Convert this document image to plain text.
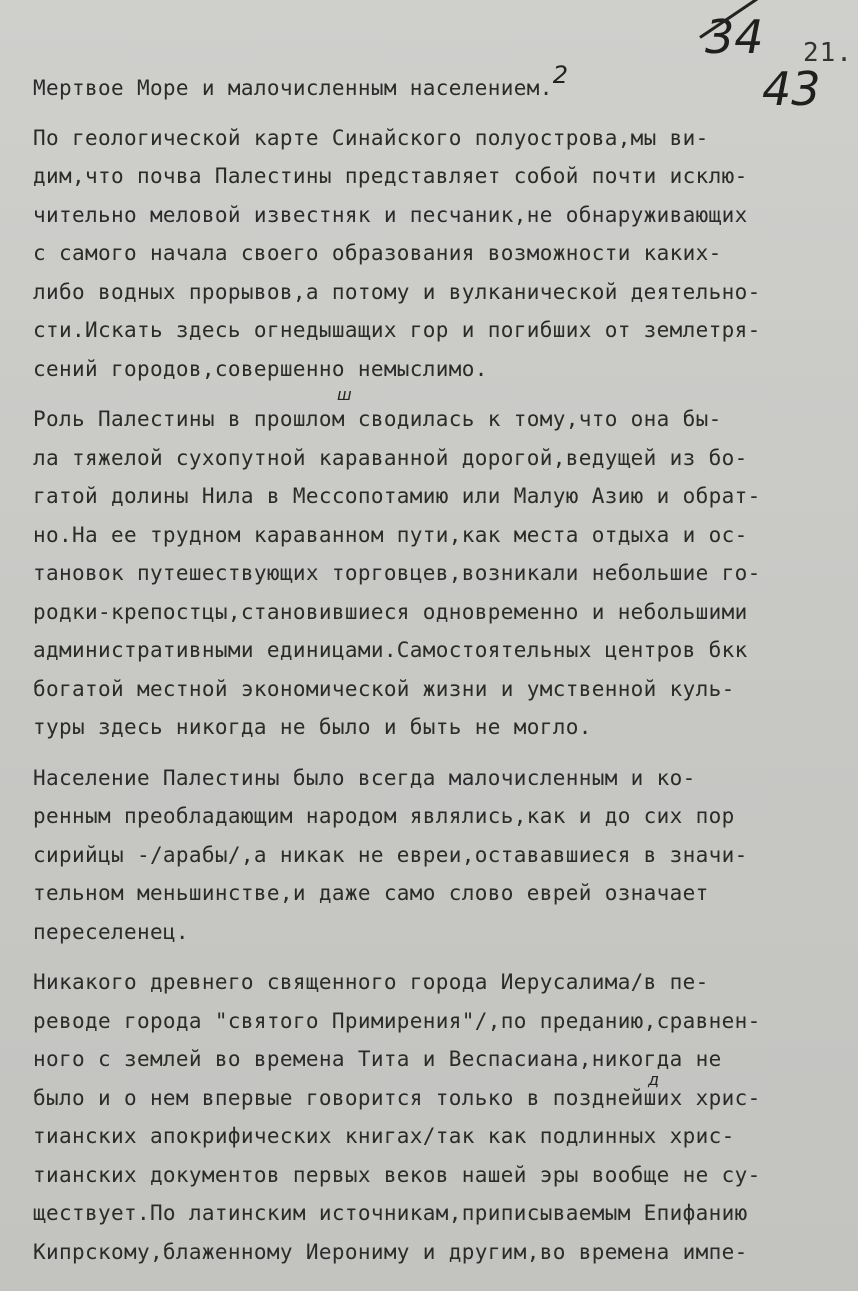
34
43
21.
Мертвое Море и малочисленным населением.2
По геологической карте Синайского полуострова,мы ви-
дим,что почва Палестины представляет собой почти исклю-
чительно меловой известняк и песчаник,не обнаруживающих
с самого начала своего образования возможности каких-
либо водных прорывов,а потому и вулканической деятельно-
сти.Искать здесь огнедышащих гор и погибших от землетря-
сений городов,совершенно немыслимо.
Роль Палестины в прошлом сводилась к тому,что она бы-
ла тяжелой сухопутной караванной дорогой,ведущей из бо-
гатой долины Нила в Мессопотамию или Малую Азию и обрат-
но.На ее трудном караванном пути,как места отдыха и ос-
тановок путешествующих торговцев,возникали небольшие го-
родки-крепостцы,становившиеся одновременно и небольшими
административными единицами.Самостоятельных центров бкк
богатой местной экономической жизни и умственной куль-
туры здесь никогда не было и быть не могло.
Население Палестины было всегда малочисленным и ко-
ренным преобладающим народом являлись,как и до сих пор
сирийцы -/арабы/,а никак не евреи,остававшиеся в значи-
тельном меньшинстве,и даже само слово еврей означает
переселенец.
Никакого древнего священного города Иерусалима/в пе-
реводе города "святого Примирения"/,по преданию,сравнен-
ного с землей во времена Тита и Веспасиана,никогда не
было и о нем впервые говорится только в позднейших хрис-
тианских апокрифических книгах/так как подлинных хрис-
тианских документов первых веков нашей эры вообще не су-
ществует.По латинским источникам,приписываемым Епифанию
Кипрскому,блаженному Иерониму и другим,во времена импе-
ш
д
